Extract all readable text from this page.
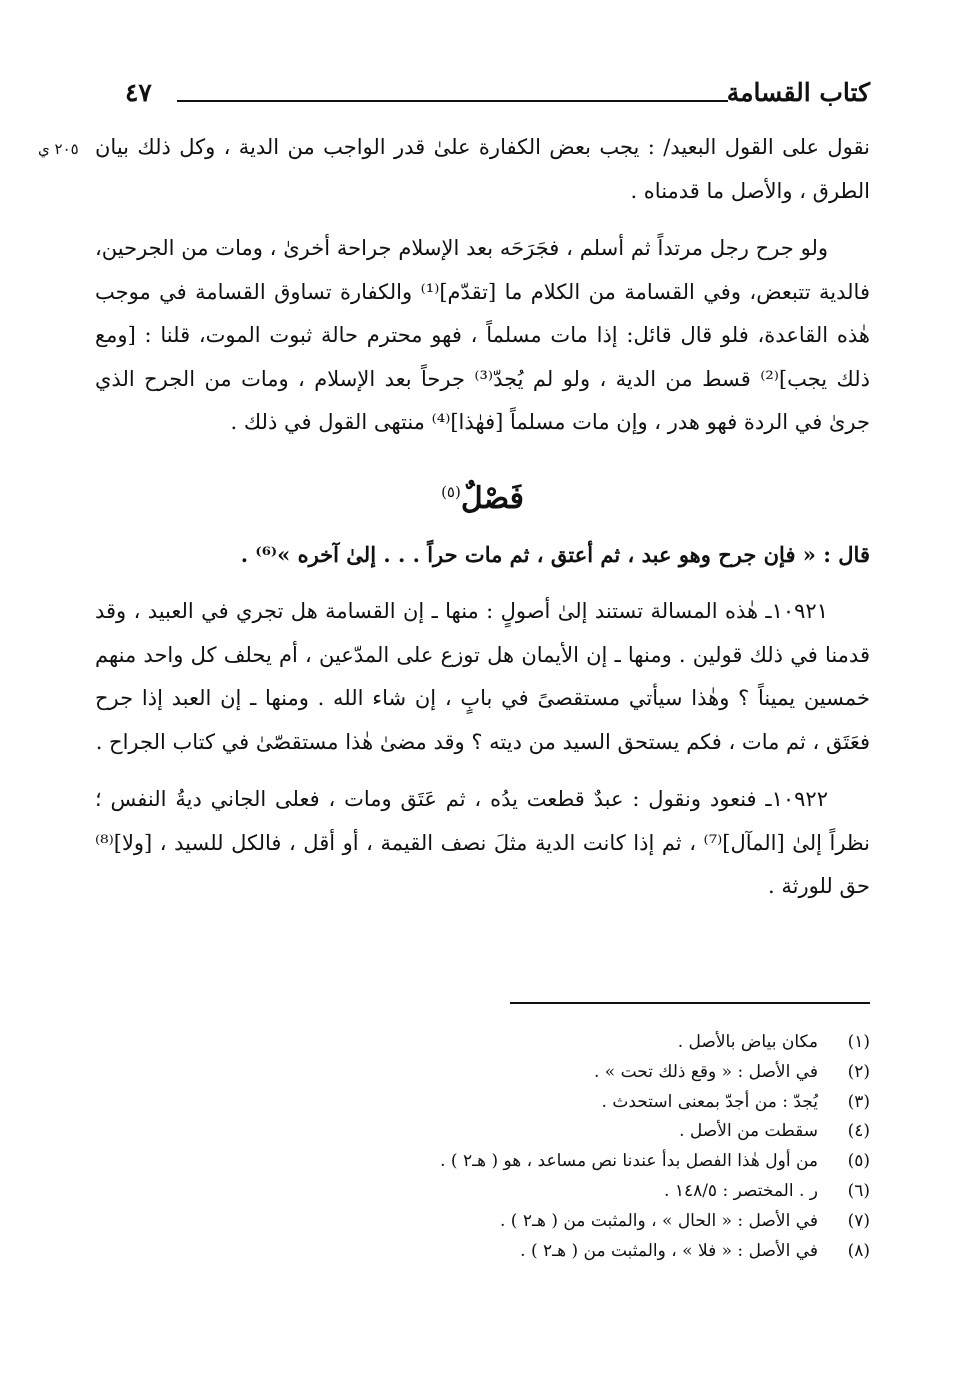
كتاب القسامة
٤٧

نقول على القول البعيد/ : يجب بعض الكفارة علىٰ قدر الواجب من الدية ، وكل ذلك بيان الطرق ، والأصل ما قدمناه .

ولو جرح رجل مرتداً ثم أسلم ، فجَرَحَه بعد الإسلام جراحة أخرىٰ ، ومات من الجرحين، فالدية تتبعض، وفي القسامة من الكلام ما [تقدّم]⁽¹⁾ والكفارة تساوق القسامة في موجب هٰذه القاعدة، فلو قال قائل: إذا مات مسلماً ، فهو محترم حالة ثبوت الموت، قلنا : [ومع ذلك يجب]⁽²⁾ قسط من الدية ، ولو لم يُجدّ⁽³⁾ جرحاً بعد الإسلام ، ومات من الجرح الذي جرىٰ في الردة فهو هدر ، وإن مات مسلماً [فهٰذا]⁽⁴⁾ منتهى القول في ذلك .

فَصْلٌ$^{(٥)}$

قال : « فإن جرح وهو عبد ، ثم أعتق ، ثم مات حراً . . . إلىٰ آخره »⁽⁶⁾ .

١٠٩٢١ـ هٰذه المسالة تستند إلىٰ أصولٍ : منها ـ إن القسامة هل تجري في العبيد ، وقد قدمنا في ذلك قولين . ومنها ـ إن الأيمان هل توزع على المدّعين ، أم يحلف كل واحد منهم خمسين يميناً ؟ وهٰذا سيأتي مستقصىً في بابٍ ، إن شاء الله . ومنها ـ إن العبد إذا جرح فعَتَق ، ثم مات ، فكم يستحق السيد من ديته ؟ وقد مضىٰ هٰذا مستقصّىٰ في كتاب الجراح .

١٠٩٢٢ـ فنعود ونقول : عبدٌ قطعت يدُه ، ثم عَتَق ومات ، فعلى الجاني ديةُ النفس ؛ نظراً إلىٰ [المآل]⁽⁷⁾ ، ثم إذا كانت الدية مثلَ نصف القيمة ، أو أقل ، فالكل للسيد ، [ولا]⁽⁸⁾ حق للورثة .

(١)
مكان بياض بالأصل .
(٢)
في الأصل : « وقع ذلك تحت » .
(٣)
يُجدّ : من أجدّ بمعنى استحدث .
(٤)
سقطت من الأصل .
(٥)
من أول هٰذا الفصل بدأ عندنا نص مساعد ، هو ( هـ٢ ) .
(٦)
ر . المختصر : ١٤٨/٥ .
(٧)
في الأصل : « الحال » ، والمثبت من ( هـ٢ ) .
(٨)
في الأصل : « فلا » ، والمثبت من ( هـ٢ ) .
٢٠٥ ي
